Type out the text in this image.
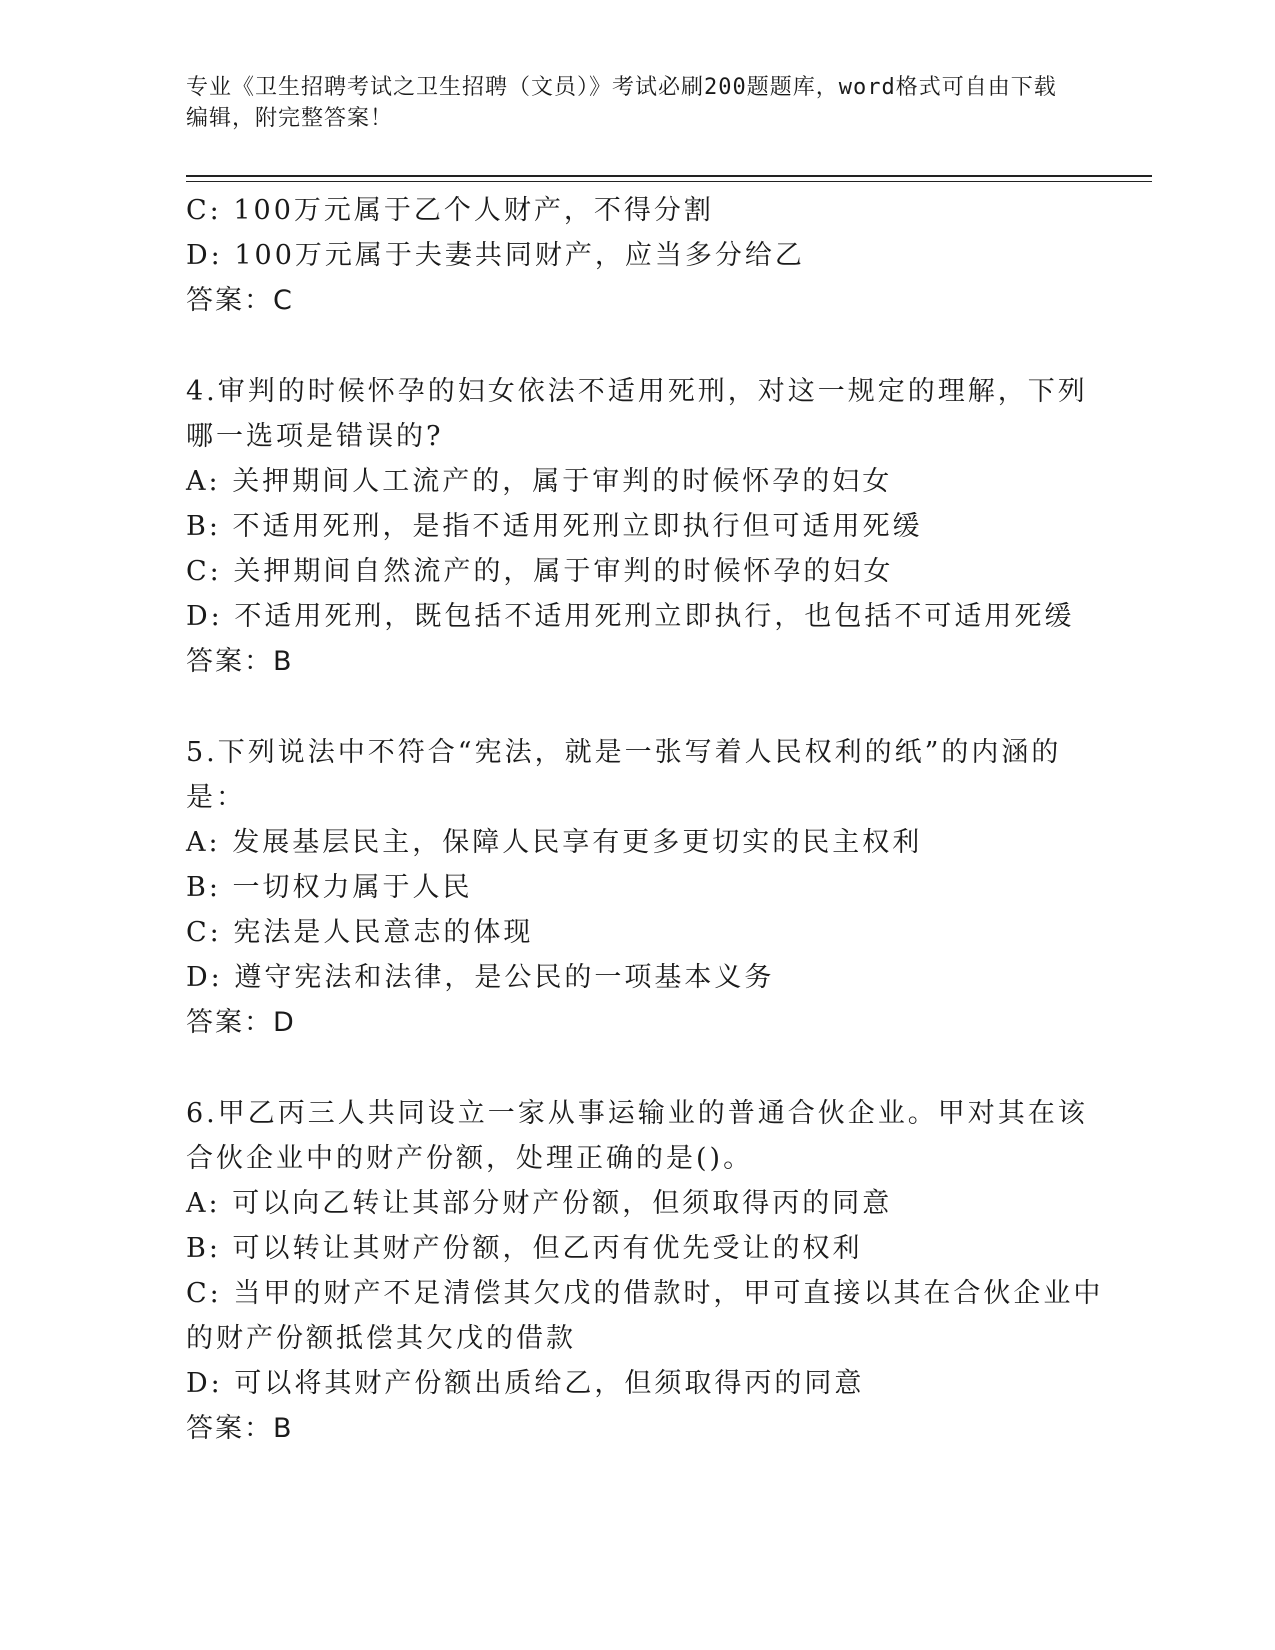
专业《卫生招聘考试之卫生招聘（文员）》考试必刷200题题库，word格式可自由下载编辑，附完整答案！

C: 100万元属于乙个人财产，不得分割

D: 100万元属于夫妻共同财产，应当多分给乙

答案：C

4.审判的时候怀孕的妇女依法不适用死刑，对这一规定的理解，下列

哪一选项是错误的?

A: 关押期间人工流产的，属于审判的时候怀孕的妇女

B: 不适用死刑，是指不适用死刑立即执行但可适用死缓

C: 关押期间自然流产的，属于审判的时候怀孕的妇女

D: 不适用死刑，既包括不适用死刑立即执行，也包括不可适用死缓

答案：B

5.下列说法中不符合“宪法，就是一张写着人民权利的纸”的内涵的

是：

A: 发展基层民主，保障人民享有更多更切实的民主权利

B: 一切权力属于人民

C: 宪法是人民意志的体现

D: 遵守宪法和法律，是公民的一项基本义务

答案：D

6.甲乙丙三人共同设立一家从事运输业的普通合伙企业。甲对其在该

合伙企业中的财产份额，处理正确的是()。

A: 可以向乙转让其部分财产份额，但须取得丙的同意

B: 可以转让其财产份额，但乙丙有优先受让的权利

C: 当甲的财产不足清偿其欠戊的借款时，甲可直接以其在合伙企业中

的财产份额抵偿其欠戊的借款

D: 可以将其财产份额出质给乙，但须取得丙的同意

答案：B
